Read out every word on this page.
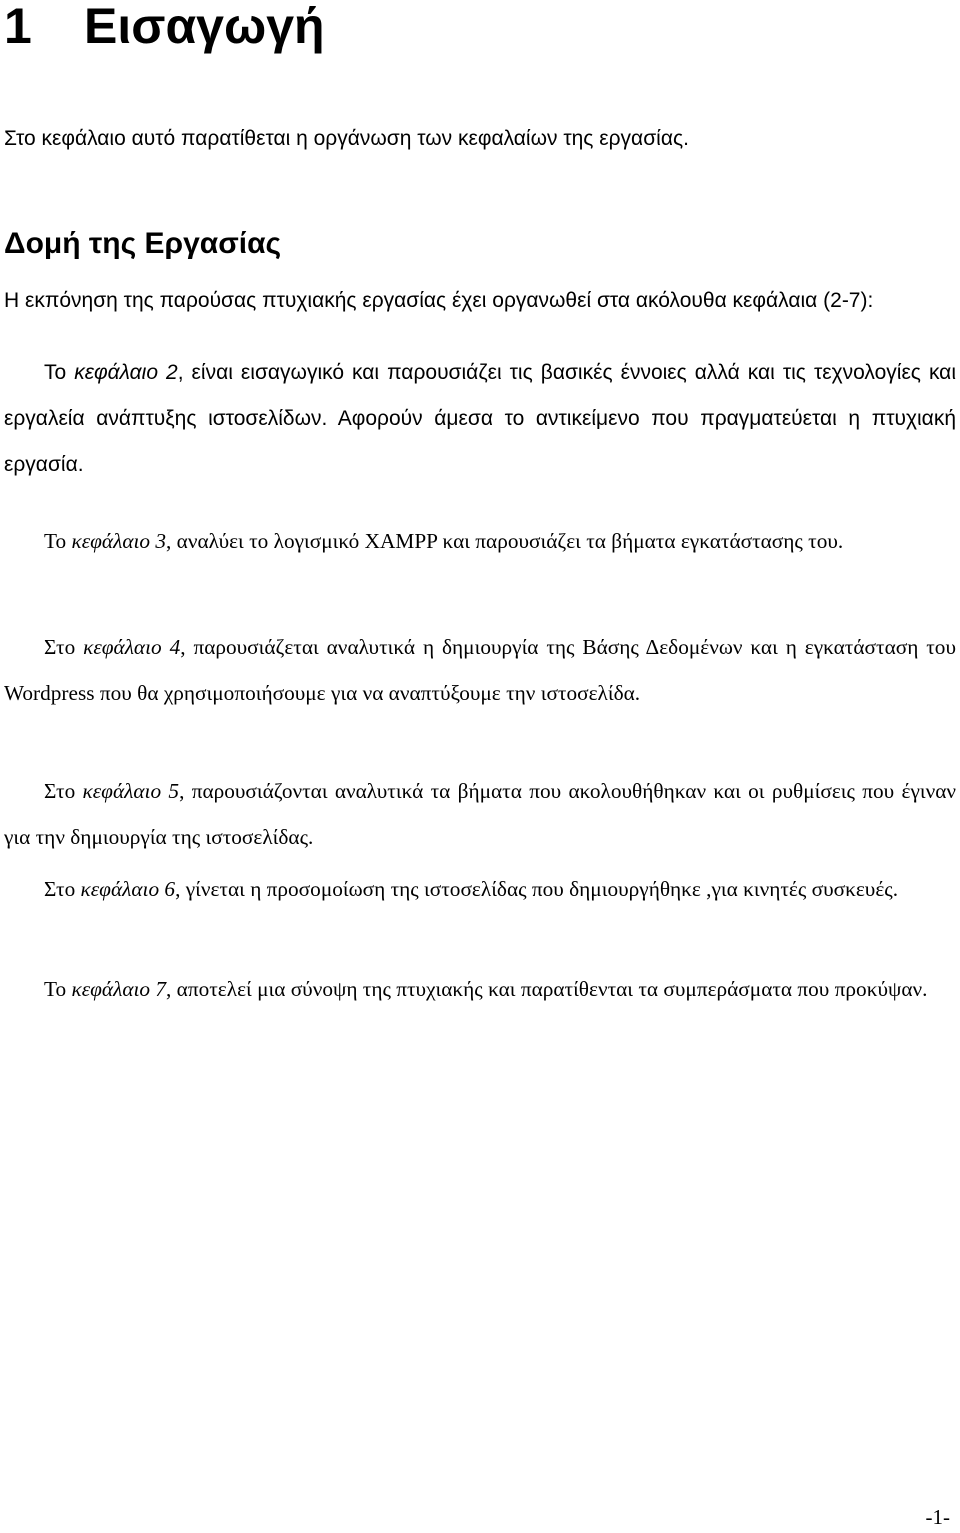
1 Εισαγωγή

Στο κεφάλαιο αυτό παρατίθεται η οργάνωση των κεφαλαίων της εργασίας.

Δομή της Εργασίας

Η εκπόνηση της παρούσας πτυχιακής εργασίας έχει οργανωθεί στα ακόλουθα κεφάλαια (2-7):

Το κεφάλαιο 2, είναι εισαγωγικό και παρουσιάζει τις βασικές έννοιες αλλά και τις τεχνολογίες και εργαλεία ανάπτυξης ιστοσελίδων. Αφορούν άμεσα το αντικείμενο που πραγματεύεται η πτυχιακή εργασία.

Το κεφάλαιο 3, αναλύει το λογισμικό XAMPP και παρουσιάζει τα βήματα εγκατάστασης του.

Στο κεφάλαιο 4, παρουσιάζεται αναλυτικά η δημιουργία της Βάσης Δεδομένων και η εγκατάσταση του Wordpress που θα χρησιμοποιήσουμε για να αναπτύξουμε την ιστοσελίδα.

Στο κεφάλαιο 5, παρουσιάζονται αναλυτικά τα βήματα που ακολουθήθηκαν και οι ρυθμίσεις που έγιναν για την δημιουργία της ιστοσελίδας.

Στο κεφάλαιο 6, γίνεται η προσομοίωση της ιστοσελίδας που δημιουργήθηκε ,για κινητές συσκευές.

Το κεφάλαιο 7, αποτελεί μια σύνοψη της πτυχιακής και παρατίθενται τα συμπεράσματα που προκύψαν.

-1-
